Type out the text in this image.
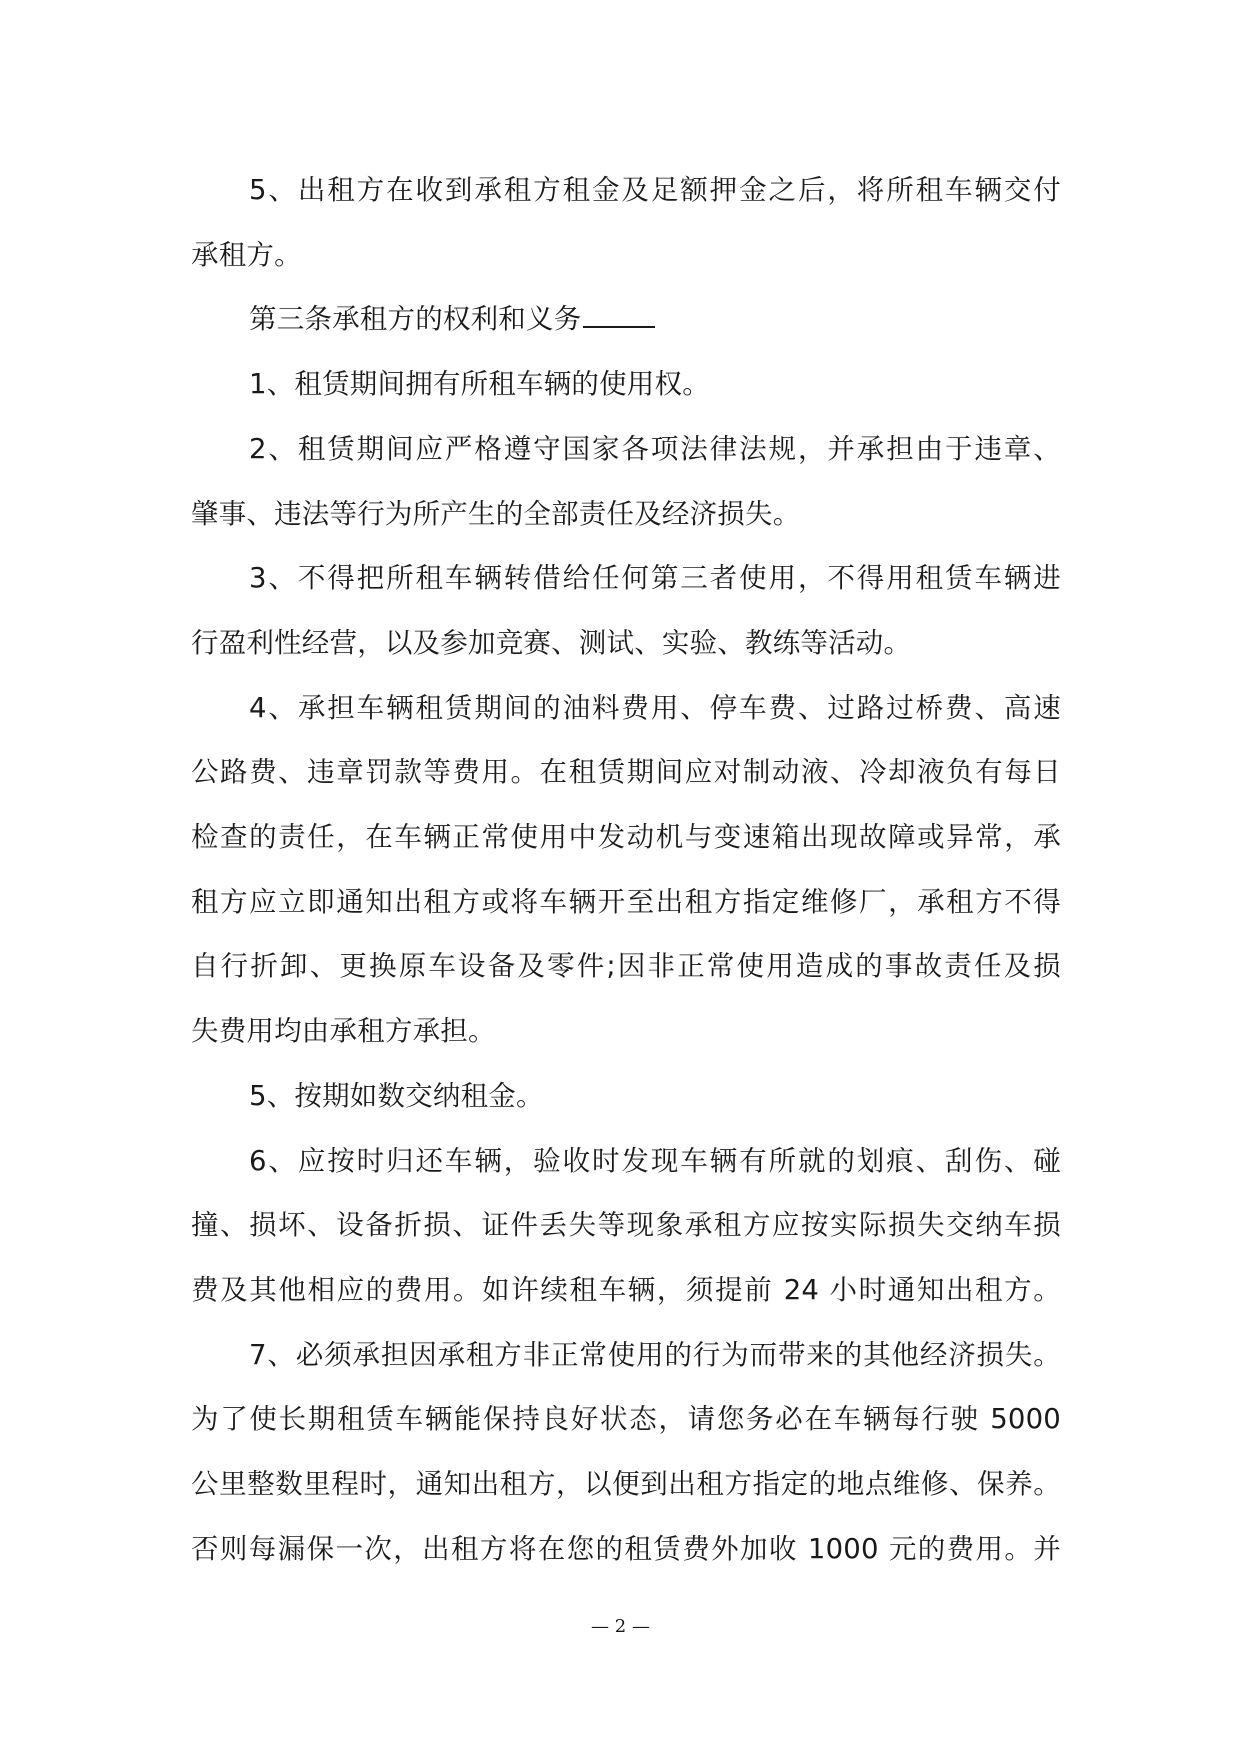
5、出租方在收到承租方租金及足额押金之后，将所租车辆交付
承租方。
第三条承租方的权利和义务
1、租赁期间拥有所租车辆的使用权。
2、租赁期间应严格遵守国家各项法律法规，并承担由于违章、
肇事、违法等行为所产生的全部责任及经济损失。
3、不得把所租车辆转借给任何第三者使用，不得用租赁车辆进
行盈利性经营，以及参加竞赛、测试、实验、教练等活动。
4、承担车辆租赁期间的油料费用、停车费、过路过桥费、高速
公路费、违章罚款等费用。在租赁期间应对制动液、冷却液负有每日
检查的责任，在车辆正常使用中发动机与变速箱出现故障或异常，承
租方应立即通知出租方或将车辆开至出租方指定维修厂，承租方不得
自行折卸、更换原车设备及零件;因非正常使用造成的事故责任及损
失费用均由承租方承担。
5、按期如数交纳租金。
6、应按时归还车辆，验收时发现车辆有所就的划痕、刮伤、碰
撞、损坏、设备折损、证件丢失等现象承租方应按实际损失交纳车损
费及其他相应的费用。如许续租车辆，须提前 24 小时通知出租方。
7、必须承担因承租方非正常使用的行为而带来的其他经济损失。
为了使长期租赁车辆能保持良好状态，请您务必在车辆每行驶 5000
公里整数里程时，通知出租方，以便到出租方指定的地点维修、保养。
否则每漏保一次，出租方将在您的租赁费外加收 1000 元的费用。并
— 2 —
